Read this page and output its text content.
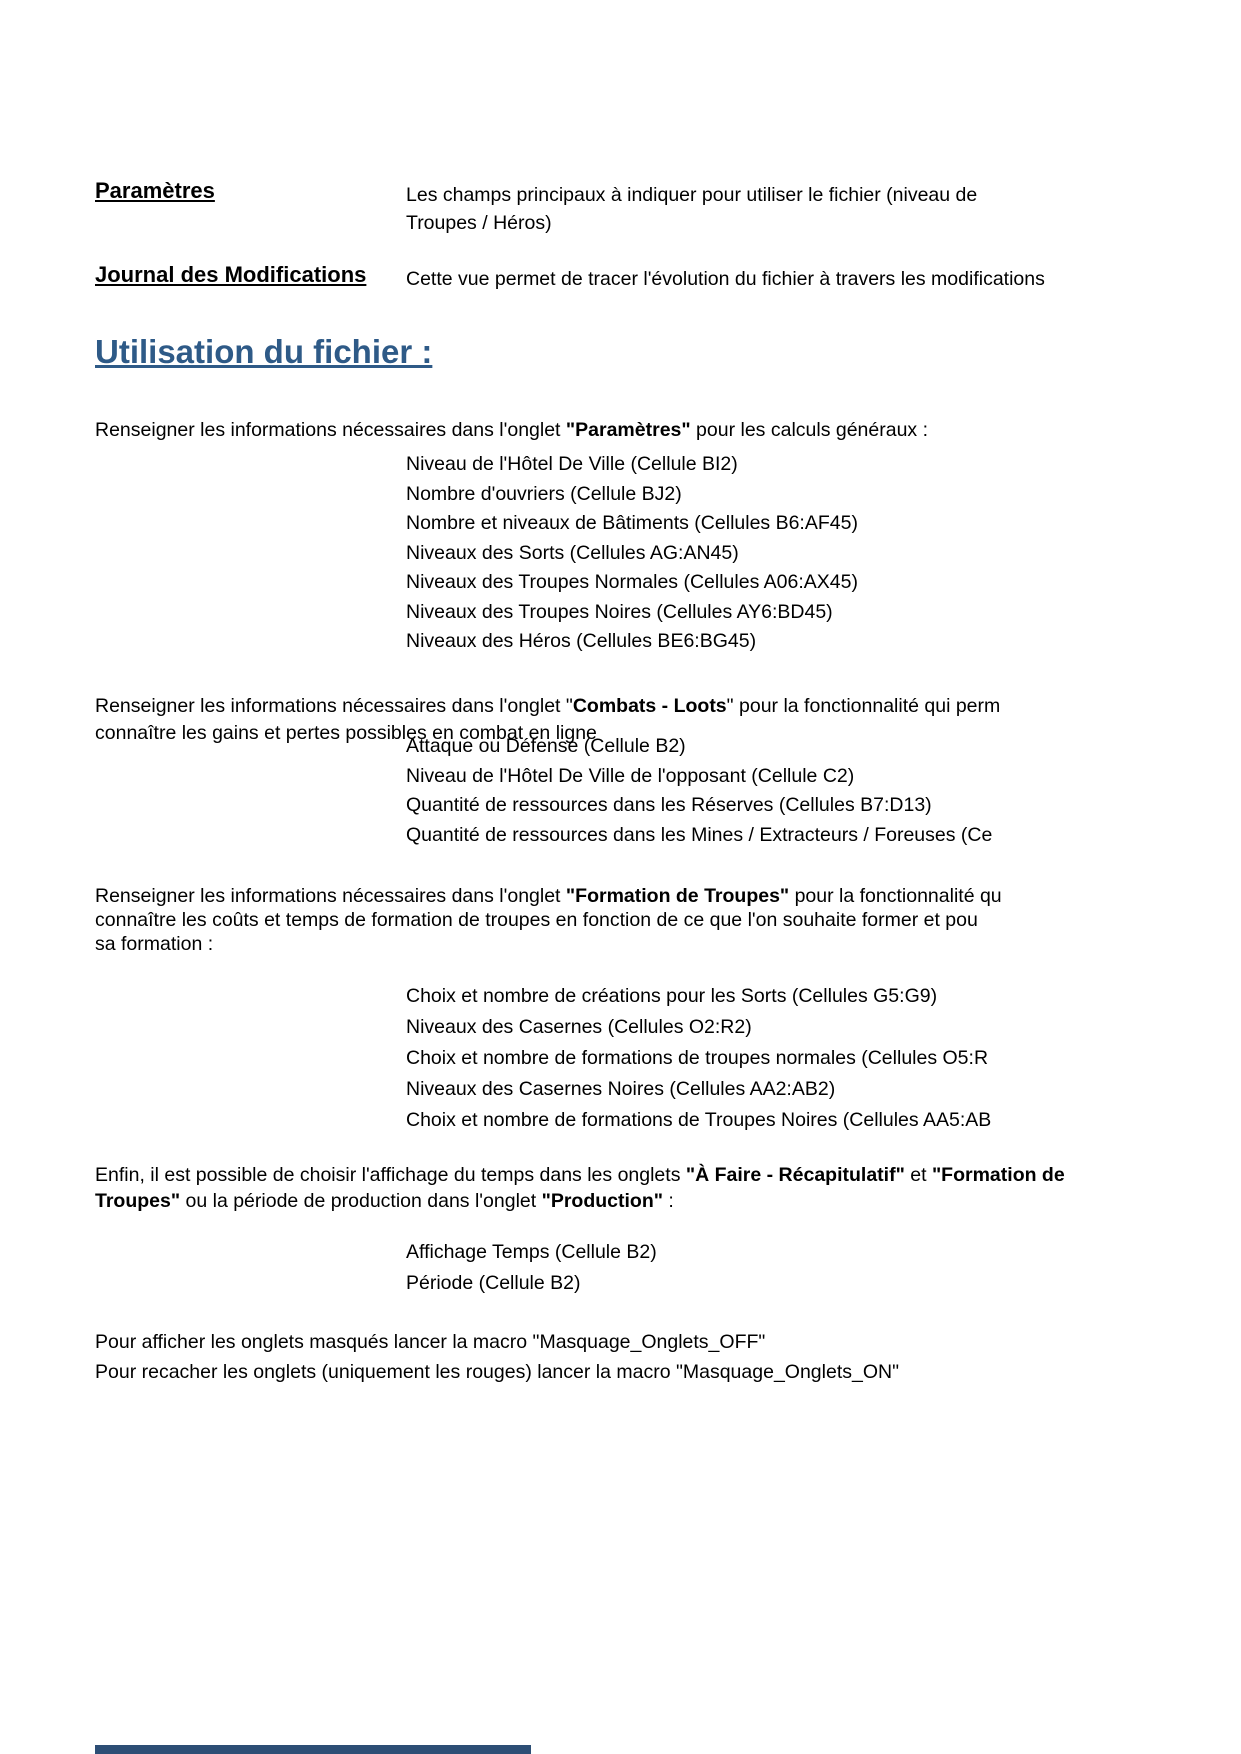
Paramètres	Les champs principaux à indiquer pour utiliser le fichier (niveau de
Troupes / Héros)
Journal des Modifications Cette vue permet de tracer l'évolution du fichier à travers les modifications
Utilisation du fichier :
Renseigner les informations nécessaires dans l'onglet "Paramètres" pour les calculs généraux :
Niveau de l'Hôtel De Ville (Cellule BI2)
Nombre d'ouvriers (Cellule BJ2)
Nombre et niveaux de Bâtiments (Cellules B6:AF45)
Niveaux des Sorts (Cellules AG:AN45)
Niveaux des Troupes Normales (Cellules A06:AX45)
Niveaux des Troupes Noires (Cellules AY6:BD45)
Niveaux des Héros (Cellules BE6:BG45)
Renseigner les informations nécessaires dans l'onglet "Combats - Loots" pour la fonctionnalité qui perm
connaître les gains et pertes possibles en combat en ligne
Attaque ou Défense (Cellule B2)
Niveau de l'Hôtel De Ville de l'opposant (Cellule C2)
Quantité de ressources dans les Réserves (Cellules B7:D13)
Quantité de ressources dans les Mines / Extracteurs / Foreuses (Ce
Renseigner les informations nécessaires dans l'onglet "Formation de Troupes" pour la fonctionnalité qu
connaître les coûts et temps de formation de troupes en fonction de ce que l'on souhaite former et pou
sa formation :
Choix et nombre de créations pour les Sorts (Cellules G5:G9)
Niveaux des Casernes (Cellules O2:R2)
Choix et nombre de formations de troupes normales (Cellules O5:R
Niveaux des Casernes Noires (Cellules AA2:AB2)
Choix et nombre de formations de Troupes Noires (Cellules AA5:AB
Enfin, il est possible de choisir l'affichage du temps dans les onglets "À Faire - Récapitulatif" et "Formation de
Troupes" ou la période de production dans l'onglet "Production" :
Affichage Temps (Cellule B2)
Période (Cellule B2)
Pour afficher les onglets masqués lancer la macro "Masquage_Onglets_OFF"
Pour recacher les onglets (uniquement les rouges) lancer la macro "Masquage_Onglets_ON"
